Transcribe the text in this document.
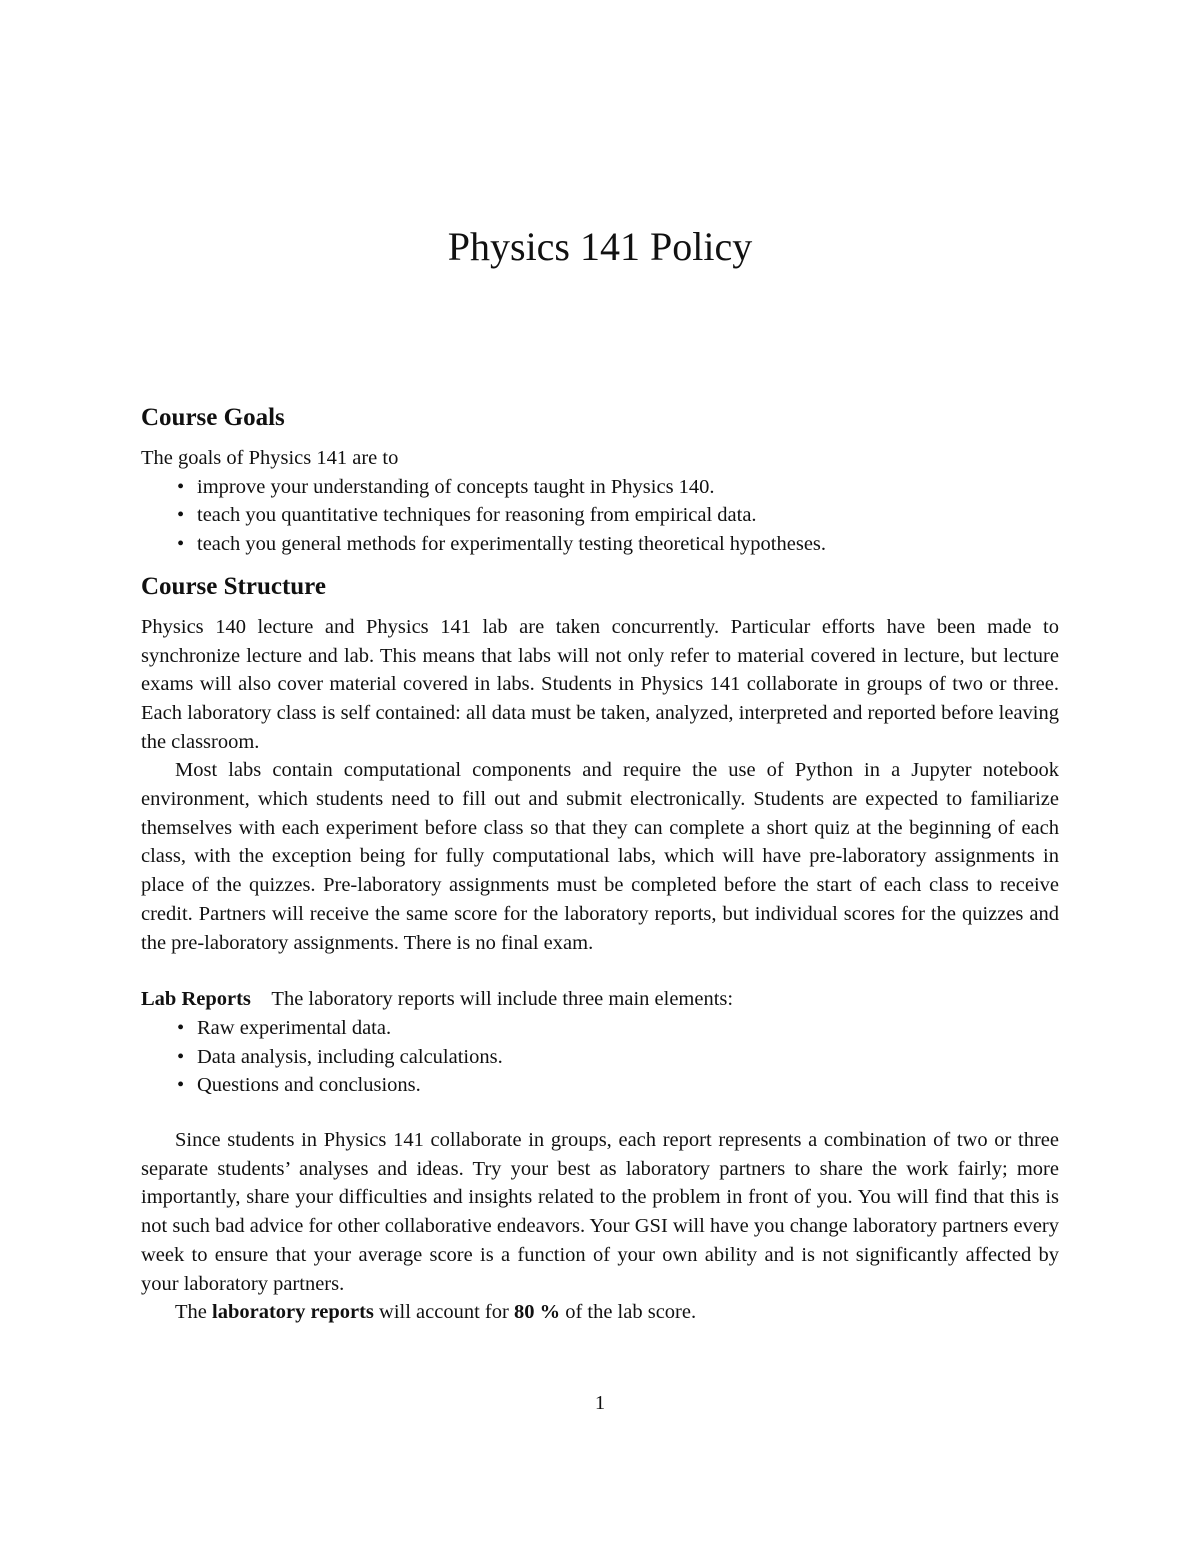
Physics 141 Policy
Course Goals

The goals of Physics 141 are to

• improve your understanding of concepts taught in Physics 140.
• teach you quantitative techniques for reasoning from empirical data.
• teach you general methods for experimentally testing theoretical hypotheses.
Course Structure

Physics 140 lecture and Physics 141 lab are taken concurrently. Particular efforts have been made to synchronize lecture and lab. This means that labs will not only refer to material covered in lecture, but lecture exams will also cover material covered in labs. Students in Physics 141 collaborate in groups of two or three. Each laboratory class is self contained: all data must be taken, analyzed, interpreted and reported before leaving the classroom.

Most labs contain computational components and require the use of Python in a Jupyter notebook environment, which students need to fill out and submit electronically. Students are expected to familiarize themselves with each experiment before class so that they can complete a short quiz at the beginning of each class, with the exception being for fully computational labs, which will have pre-laboratory assignments in place of the quizzes. Pre-laboratory assignments must be completed before the start of each class to receive credit. Partners will receive the same score for the laboratory reports, but individual scores for the quizzes and the pre-laboratory assignments. There is no final exam.

Lab Reports The laboratory reports will include three main elements:

• Raw experimental data.
• Data analysis, including calculations.
• Questions and conclusions.

Since students in Physics 141 collaborate in groups, each report represents a combination of two or three separate students’ analyses and ideas. Try your best as laboratory partners to share the work fairly; more importantly, share your difficulties and insights related to the problem in front of you. You will find that this is not such bad advice for other collaborative endeavors. Your GSI will have you change laboratory partners every week to ensure that your average score is a function of your own ability and is not significantly affected by your laboratory partners.

The laboratory reports will account for 80 % of the lab score.

1
